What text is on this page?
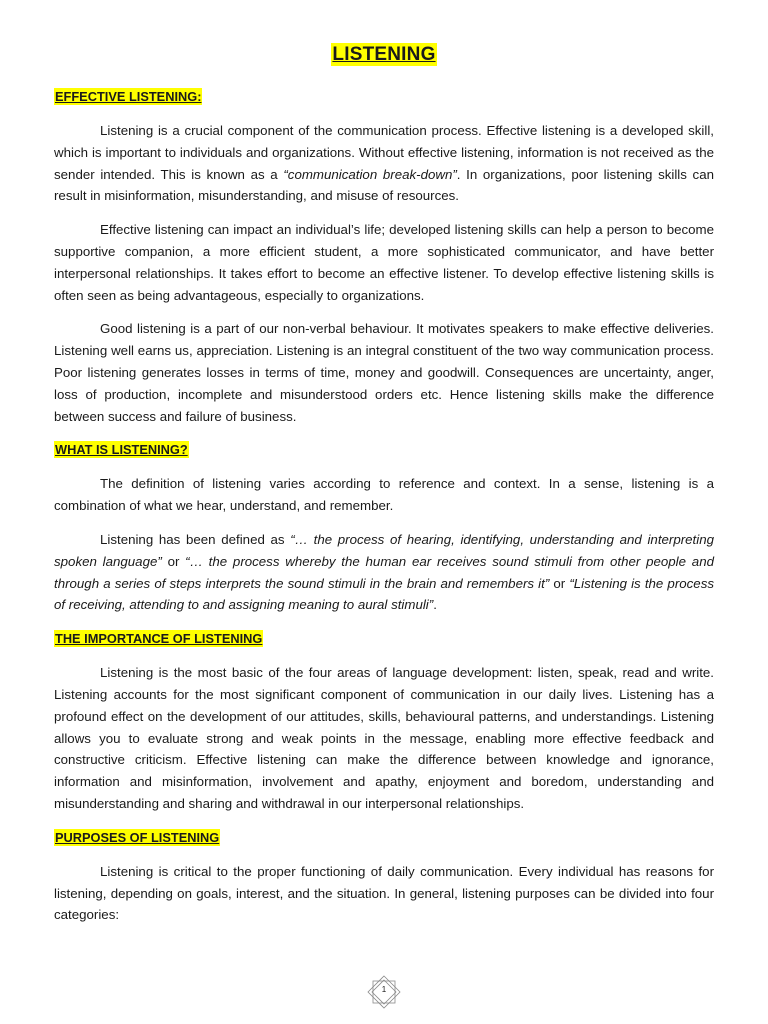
LISTENING
EFFECTIVE LISTENING:

Listening is a crucial component of the communication process. Effective listening is a developed skill, which is important to individuals and organizations. Without effective listening, information is not received as the sender intended. This is known as a “communication break-down”. In organizations, poor listening skills can result in misinformation, misunderstanding, and misuse of resources.

Effective listening can impact an individual’s life; developed listening skills can help a person to become supportive companion, a more efficient student, a more sophisticated communicator, and have better interpersonal relationships. It takes effort to become an effective listener. To develop effective listening skills is often seen as being advantageous, especially to organizations.

Good listening is a part of our non-verbal behaviour. It motivates speakers to make effective deliveries. Listening well earns us, appreciation. Listening is an integral constituent of the two way communication process. Poor listening generates losses in terms of time, money and goodwill. Consequences are uncertainty, anger, loss of production, incomplete and misunderstood orders etc. Hence listening skills make the difference between success and failure of business.

WHAT IS LISTENING?

The definition of listening varies according to reference and context. In a sense, listening is a combination of what we hear, understand, and remember.

Listening has been defined as “… the process of hearing, identifying, understanding and interpreting spoken language” or “… the process whereby the human ear receives sound stimuli from other people and through a series of steps interprets the sound stimuli in the brain and remembers it” or “Listening is the process of receiving, attending to and assigning meaning to aural stimuli”.

THE IMPORTANCE OF LISTENING

Listening is the most basic of the four areas of language development: listen, speak, read and write. Listening accounts for the most significant component of communication in our daily lives. Listening has a profound effect on the development of our attitudes, skills, behavioural patterns, and understandings. Listening allows you to evaluate strong and weak points in the message, enabling more effective feedback and constructive criticism. Effective listening can make the difference between knowledge and ignorance, information and misinformation, involvement and apathy, enjoyment and boredom, understanding and misunderstanding and sharing and withdrawal in our interpersonal relationships.

PURPOSES OF LISTENING

Listening is critical to the proper functioning of daily communication. Every individual has reasons for listening, depending on goals, interest, and the situation. In general, listening purposes can be divided into four categories:

1
